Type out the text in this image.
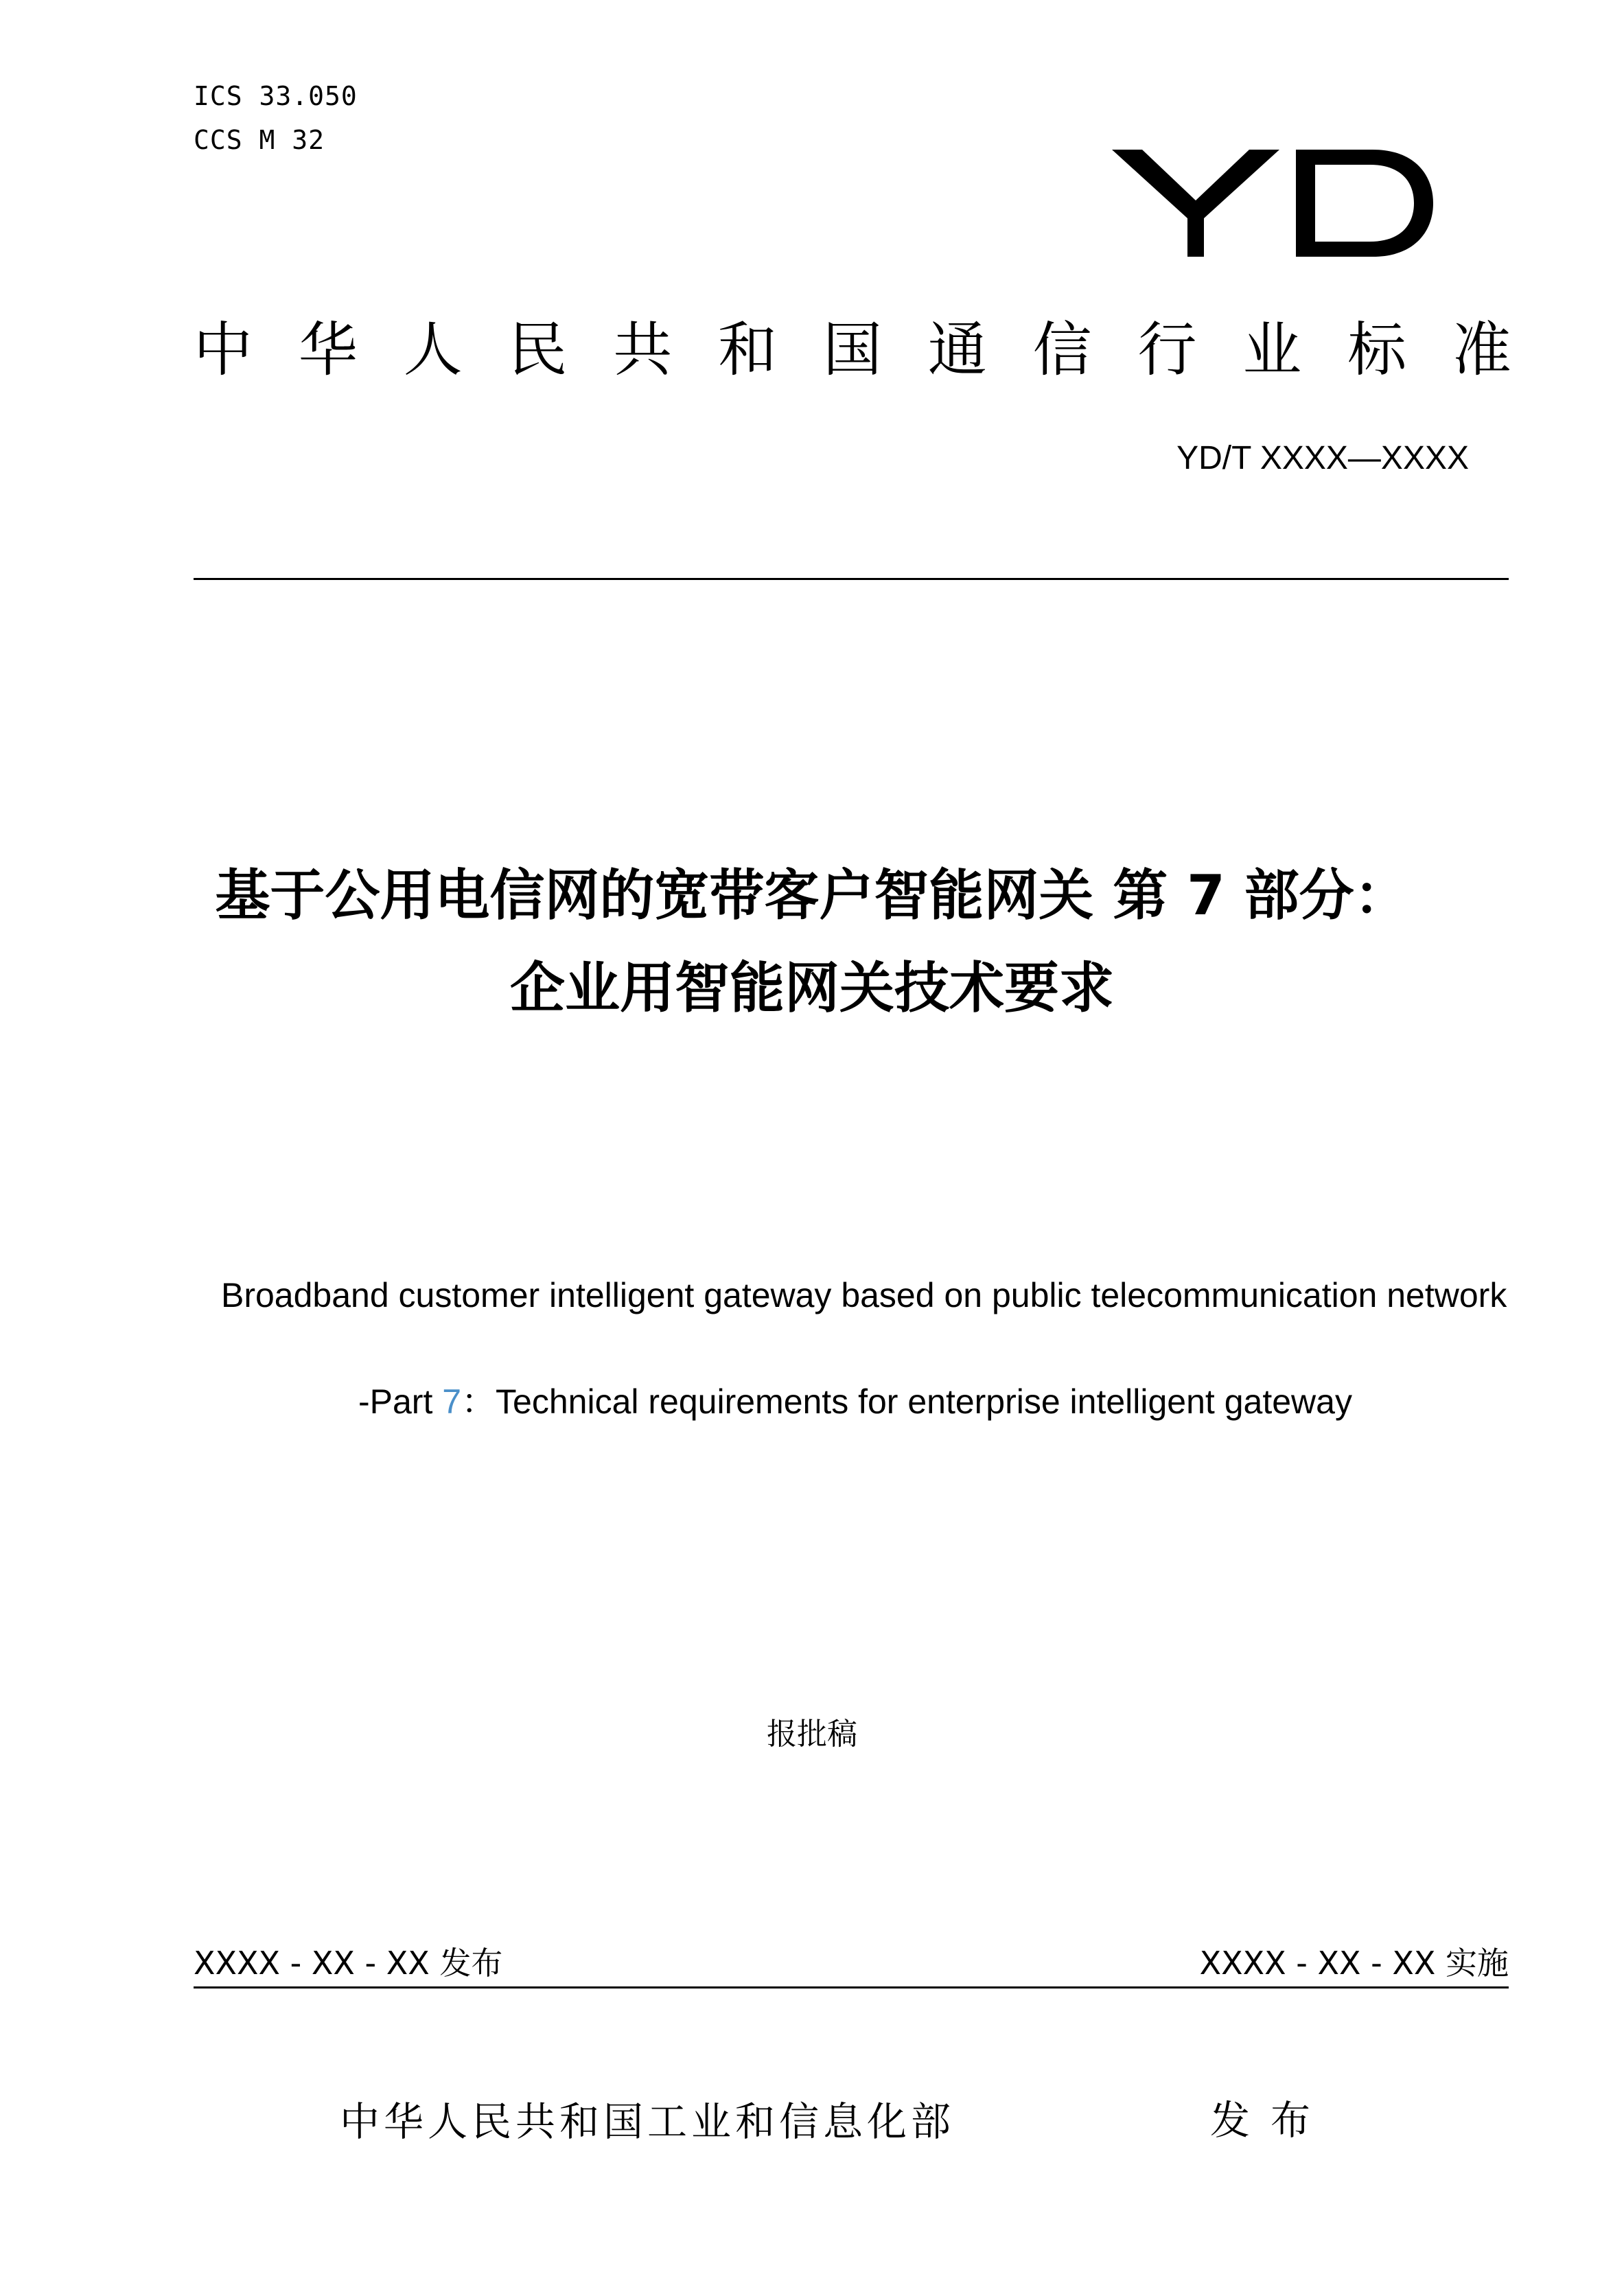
ICS 33.050
CCS M 32
中 华 人 民 共 和 国 通 信 行 业 标 准
YD/T XXXX—XXXX
基于公用电信网的宽带客户智能网关 第 7 部分：
企业用智能网关技术要求
Broadband customer intelligent gateway based on public telecommunication network
-Part 7：Technical requirements for enterprise intelligent gateway
报批稿
XXXX - XX - XX 发布	XXXX - XX - XX 实施
中华人民共和国工业和信息化部	发布
